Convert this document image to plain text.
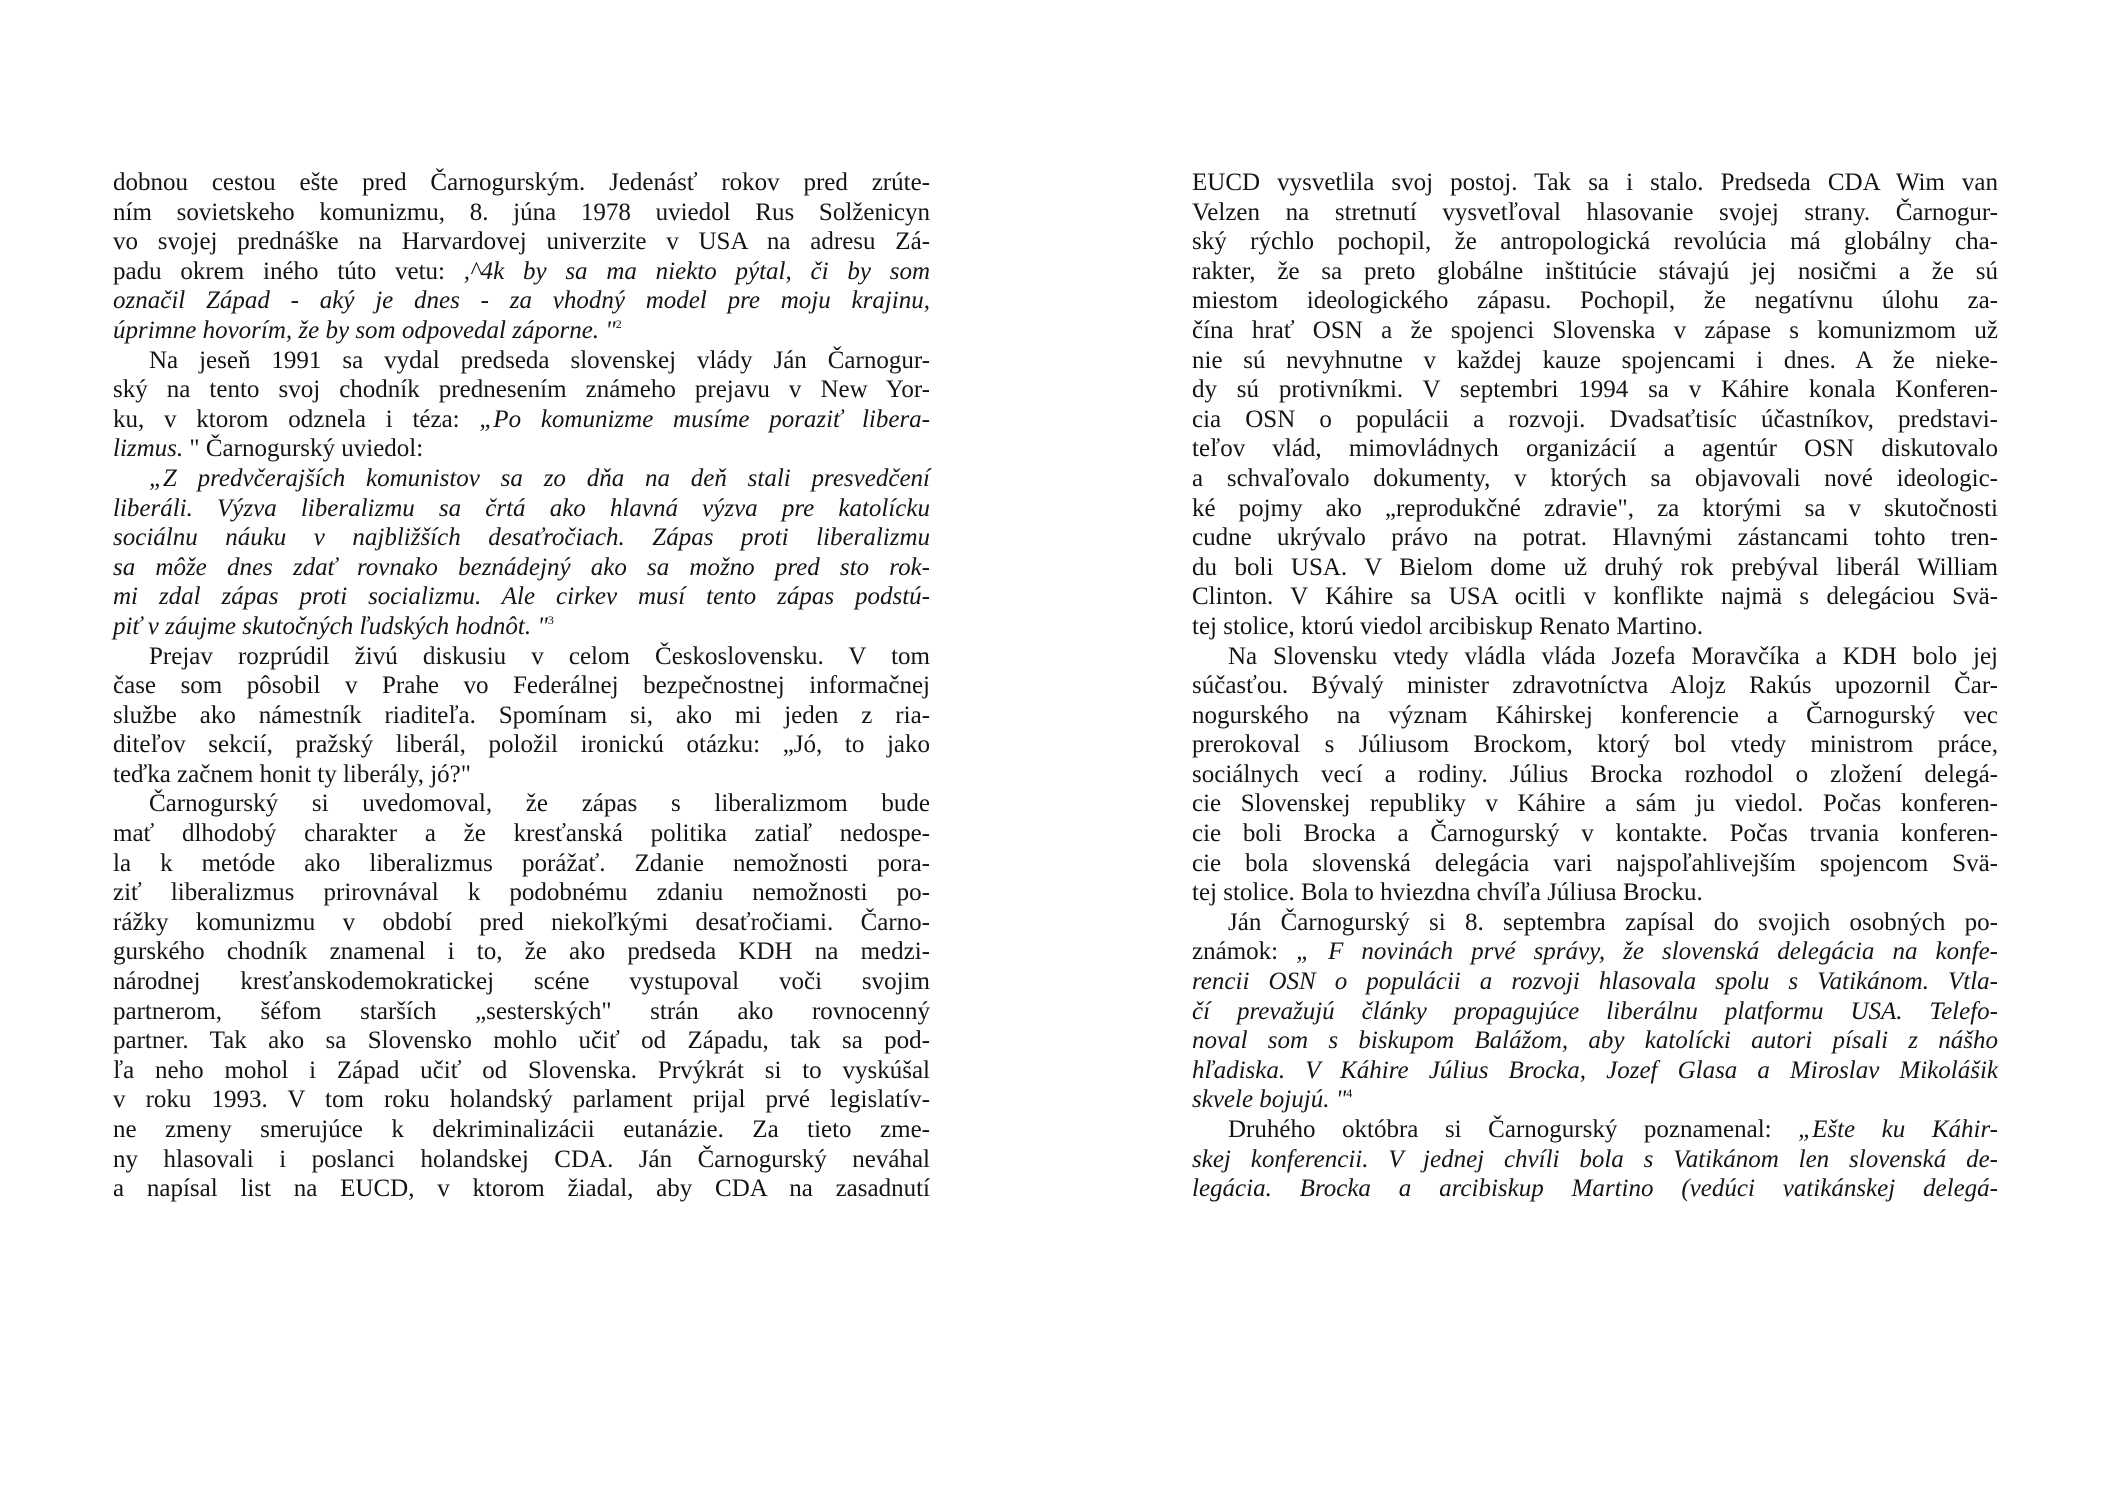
dobnou cestou ešte pred Čarnogurským. Jedenásť rokov pred zrúte-
ním sovietskeho komunizmu, 8. júna 1978 uviedol Rus Solženicyn
vo svojej prednáške na Harvardovej univerzite v USA na adresu Zá-
padu okrem iného túto vetu: ,^4k by sa ma niekto pýtal, či by som
označil Západ - aký je dnes - za vhodný model pre moju krajinu,
úprimne hovorím, že by som odpovedal záporne. "$^2$
Na jeseň 1991 sa vydal predseda slovenskej vlády Ján Čarnogur-
ský na tento svoj chodník prednesením známeho prejavu v New Yor-
ku, v ktorom odznela i téza: „Po komunizme musíme poraziť libera-
lizmus. " Čarnogurský uviedol:
„Z predvčerajších komunistov sa zo dňa na deň stali presvedčení
liberáli. Výzva liberalizmu sa črtá ako hlavná výzva pre katolícku
sociálnu náuku v najbližších desaťročiach. Zápas proti liberalizmu
sa môže dnes zdať rovnako beznádejný ako sa možno pred sto rok-
mi zdal zápas proti socializmu. Ale cirkev musí tento zápas podstú-
piť v záujme skutočných ľudských hodnôt. "$^3$
Prejav rozprúdil živú diskusiu v celom Československu. V tom
čase som pôsobil v Prahe vo Federálnej bezpečnostnej informačnej
službe ako námestník riaditeľa. Spomínam si, ako mi jeden z ria-
diteľov sekcií, pražský liberál, položil ironickú otázku: „Jó, to jako
teďka začnem honit ty liberály, jó?"
Čarnogurský si uvedomoval, že zápas s liberalizmom bude
mať dlhodobý charakter a že kresťanská politika zatiaľ nedospe-
la k metóde ako liberalizmus porážať. Zdanie nemožnosti pora-
ziť liberalizmus prirovnával k podobnému zdaniu nemožnosti po-
rážky komunizmu v období pred niekoľkými desaťročiami. Čarno-
gurského chodník znamenal i to, že ako predseda KDH na medzi-
národnej kresťanskodemokratickej scéne vystupoval voči svojim
partnerom, šéfom starších „sesterských" strán ako rovnocenný
partner. Tak ako sa Slovensko mohlo učiť od Západu, tak sa pod-
ľa neho mohol i Západ učiť od Slovenska. Prvýkrát si to vyskúšal
v roku 1993. V tom roku holandský parlament prijal prvé legislatív-
ne zmeny smerujúce k dekriminalizácii eutanázie. Za tieto zme-
ny hlasovali i poslanci holandskej CDA. Ján Čarnogurský neváhal
a napísal list na EUCD, v ktorom žiadal, aby CDA na zasadnutí
EUCD vysvetlila svoj postoj. Tak sa i stalo. Predseda CDA Wim van
Velzen na stretnutí vysvetľoval hlasovanie svojej strany. Čarnogur-
ský rýchlo pochopil, že antropologická revolúcia má globálny cha-
rakter, že sa preto globálne inštitúcie stávajú jej nosičmi a že sú
miestom ideologického zápasu. Pochopil, že negatívnu úlohu za-
čína hrať OSN a že spojenci Slovenska v zápase s komunizmom už
nie sú nevyhnutne v každej kauze spojencami i dnes. A že nieke-
dy sú protivníkmi. V septembri 1994 sa v Káhire konala Konferen-
cia OSN o populácii a rozvoji. Dvadsaťtisíc účastníkov, predstavi-
teľov vlád, mimovládnych organizácií a agentúr OSN diskutovalo
a schvaľovalo dokumenty, v ktorých sa objavovali nové ideologic-
ké pojmy ako „reprodukčné zdravie", za ktorými sa v skutočnosti
cudne ukrývalo právo na potrat. Hlavnými zástancami tohto tren-
du boli USA. V Bielom dome už druhý rok prebýval liberál William
Clinton. V Káhire sa USA ocitli v konflikte najmä s delegáciou Svä-
tej stolice, ktorú viedol arcibiskup Renato Martino.
Na Slovensku vtedy vládla vláda Jozefa Moravčíka a KDH bolo jej
súčasťou. Bývalý minister zdravotníctva Alojz Rakús upozornil Čar-
nogurského na význam Káhirskej konferencie a Čarnogurský vec
prerokoval s Júliusom Brockom, ktorý bol vtedy ministrom práce,
sociálnych vecí a rodiny. Július Brocka rozhodol o zložení delegá-
cie Slovenskej republiky v Káhire a sám ju viedol. Počas konferen-
cie boli Brocka a Čarnogurský v kontakte. Počas trvania konferen-
cie bola slovenská delegácia vari najspoľahlivejším spojencom Svä-
tej stolice. Bola to hviezdna chvíľa Júliusa Brocku.
Ján Čarnogurský si 8. septembra zapísal do svojich osobných po-
známok: „ F novinách prvé správy, že slovenská delegácia na konfe-
rencii OSN o populácii a rozvoji hlasovala spolu s Vatikánom. Vtla-
čí prevažujú články propagujúce liberálnu platformu USA. Telefo-
noval som s biskupom Balážom, aby katolícki autori písali z nášho
hľadiska. V Káhire Július Brocka, Jozef Glasa a Miroslav Mikolášik
skvele bojujú. "$^4$
Druhého októbra si Čarnogurský poznamenal: „Ešte ku Káhir-
skej konferencii. V jednej chvíli bola s Vatikánom len slovenská de-
legácia. Brocka a arcibiskup Martino (vedúci vatikánskej delegá-
